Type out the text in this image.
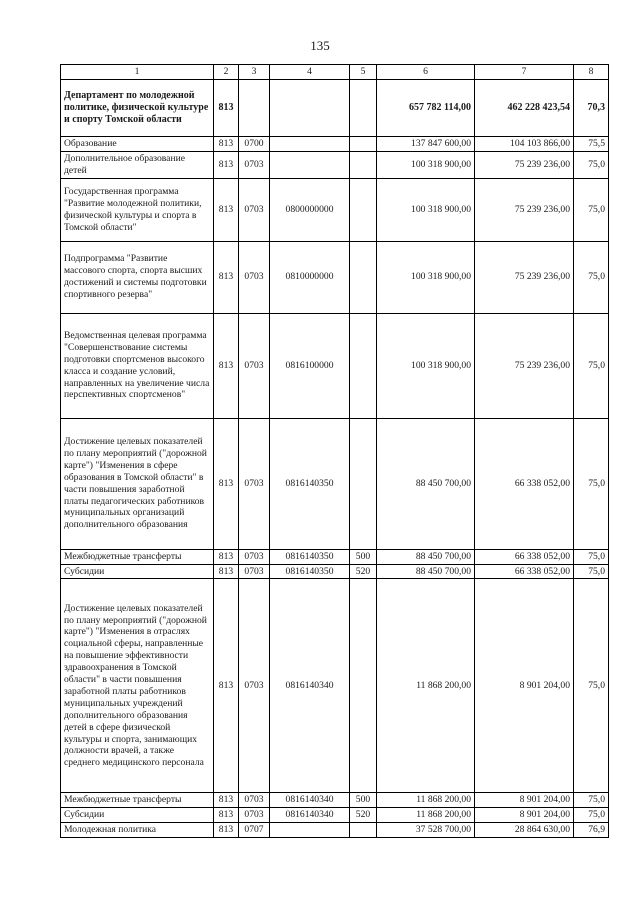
135
1	2	3	4	5	6	7	8
Департамент по молодежной политике, физической культуре и спорту Томской области	813				657 782 114,00	462 228 423,54	70,3
Образование	813	0700			137 847 600,00	104 103 866,00	75,5
Дополнительное образование детей	813	0703			100 318 900,00	75 239 236,00	75,0
Государственная программа "Развитие молодежной политики, физической культуры и спорта в Томской области"	813	0703	0800000000		100 318 900,00	75 239 236,00	75,0
Подпрограмма "Развитие массового спорта, спорта высших достижений и системы подготовки спортивного резерва"	813	0703	0810000000		100 318 900,00	75 239 236,00	75,0
Ведомственная целевая программа "Совершенствование системы подготовки спортсменов высокого класса и создание условий, направленных на увеличение числа перспективных спортсменов"	813	0703	0816100000		100 318 900,00	75 239 236,00	75,0
Достижение целевых показателей по плану мероприятий ("дорожной карте") "Изменения в сфере образования в Томской области" в части повышения заработной платы педагогических работников муниципальных организаций дополнительного образования	813	0703	0816140350		88 450 700,00	66 338 052,00	75,0
Межбюджетные трансферты	813	0703	0816140350	500	88 450 700,00	66 338 052,00	75,0
Субсидии	813	0703	0816140350	520	88 450 700,00	66 338 052,00	75,0
Достижение целевых показателей по плану мероприятий ("дорожной карте") "Изменения в отраслях социальной сферы, направленные на повышение эффективности здравоохранения в Томской области" в части повышения заработной платы работников муниципальных учреждений дополнительного образования детей в сфере физической культуры и спорта, занимающих должности врачей, а также среднего медицинского персонала	813	0703	0816140340		11 868 200,00	8 901 204,00	75,0
Межбюджетные трансферты	813	0703	0816140340	500	11 868 200,00	8 901 204,00	75,0
Субсидии	813	0703	0816140340	520	11 868 200,00	8 901 204,00	75,0
Молодежная политика	813	0707			37 528 700,00	28 864 630,00	76,9
